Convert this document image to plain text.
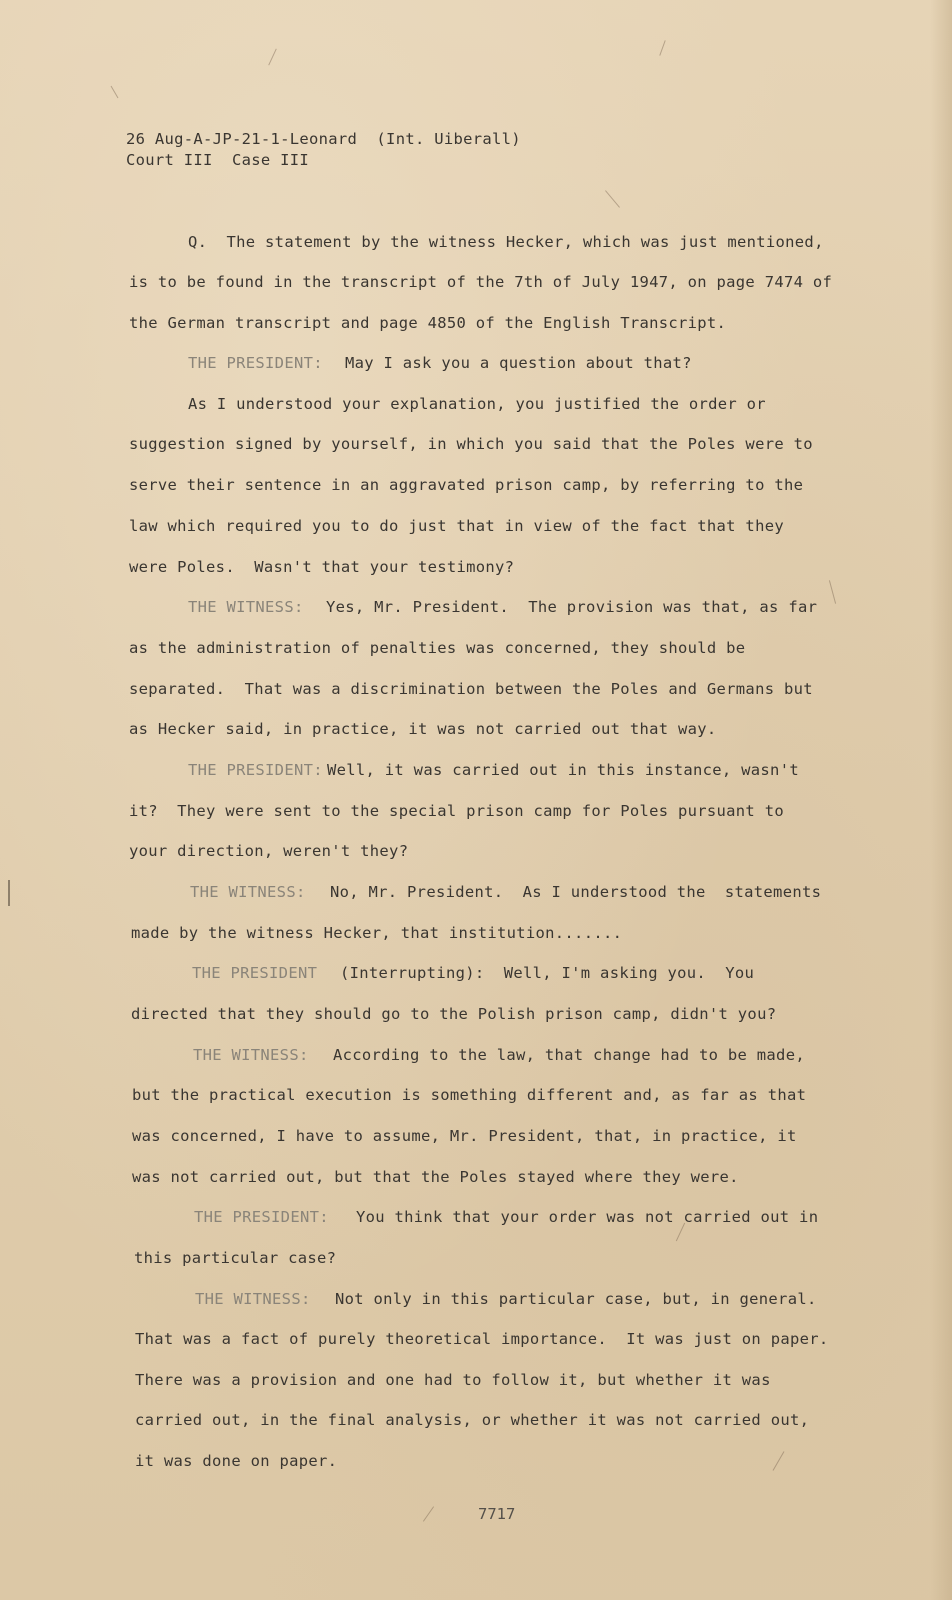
26 Aug-A-JP-21-1-Leonard  (Int. Uiberall)
Court III  Case III
Q.  The statement by the witness Hecker, which was just mentioned,
is to be found in the transcript of the 7th of July 1947, on page 7474 of
the German transcript and page 4850 of the English Transcript.
THE PRESIDENT: May I ask you a question about that?
As I understood your explanation, you justified the order or
suggestion signed by yourself, in which you said that the Poles were to
serve their sentence in an aggravated prison camp, by referring to the
law which required you to do just that in view of the fact that they
were Poles.  Wasn't that your testimony?
THE WITNESS: Yes, Mr. President.  The provision was that, as far
as the administration of penalties was concerned, they should be
separated.  That was a discrimination between the Poles and Germans but
as Hecker said, in practice, it was not carried out that way.
THE PRESIDENT: Well, it was carried out in this instance, wasn't
it?  They were sent to the special prison camp for Poles pursuant to
your direction, weren't they?
THE WITNESS: No, Mr. President.  As I understood the  statements
made by the witness Hecker, that institution.......
THE PRESIDENT (Interrupting):  Well, I'm asking you.  You
directed that they should go to the Polish prison camp, didn't you?
THE WITNESS: According to the law, that change had to be made,
but the practical execution is something different and, as far as that
was concerned, I have to assume, Mr. President, that, in practice, it
was not carried out, but that the Poles stayed where they were.
THE PRESIDENT: You think that your order was not carried out in
this particular case?
THE WITNESS: Not only in this particular case, but, in general.
That was a fact of purely theoretical importance.  It was just on paper.
There was a provision and one had to follow it, but whether it was
carried out, in the final analysis, or whether it was not carried out,
it was done on paper.
7717
